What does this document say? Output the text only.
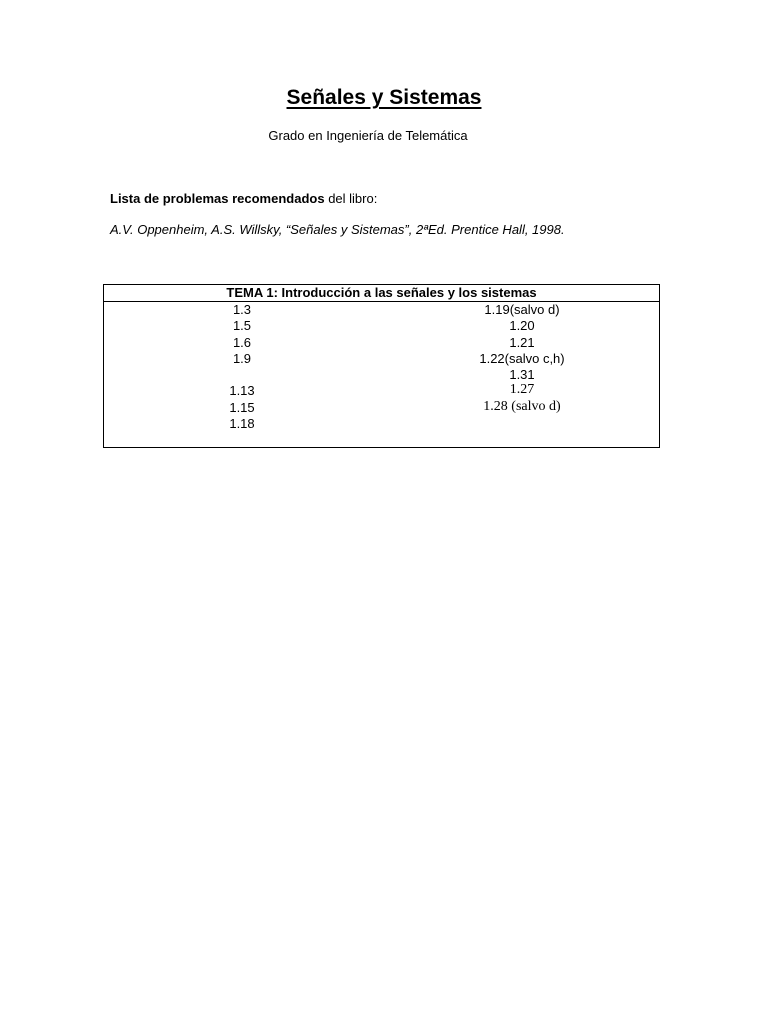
Señales y Sistemas
Grado en Ingeniería de Telemática
Lista de problemas recomendados del libro:
A.V. Oppenheim, A.S. Willsky, “Señales y Sistemas”, 2ªEd. Prentice Hall, 1998.
TEMA 1: Introducción a las señales y los sistemas
1.3
1.5
1.6
1.9
1.13
1.15
1.18
1.19(salvo d)
1.20
1.21
1.22(salvo c,h)
1.31
1.27
1.28 (salvo d)
